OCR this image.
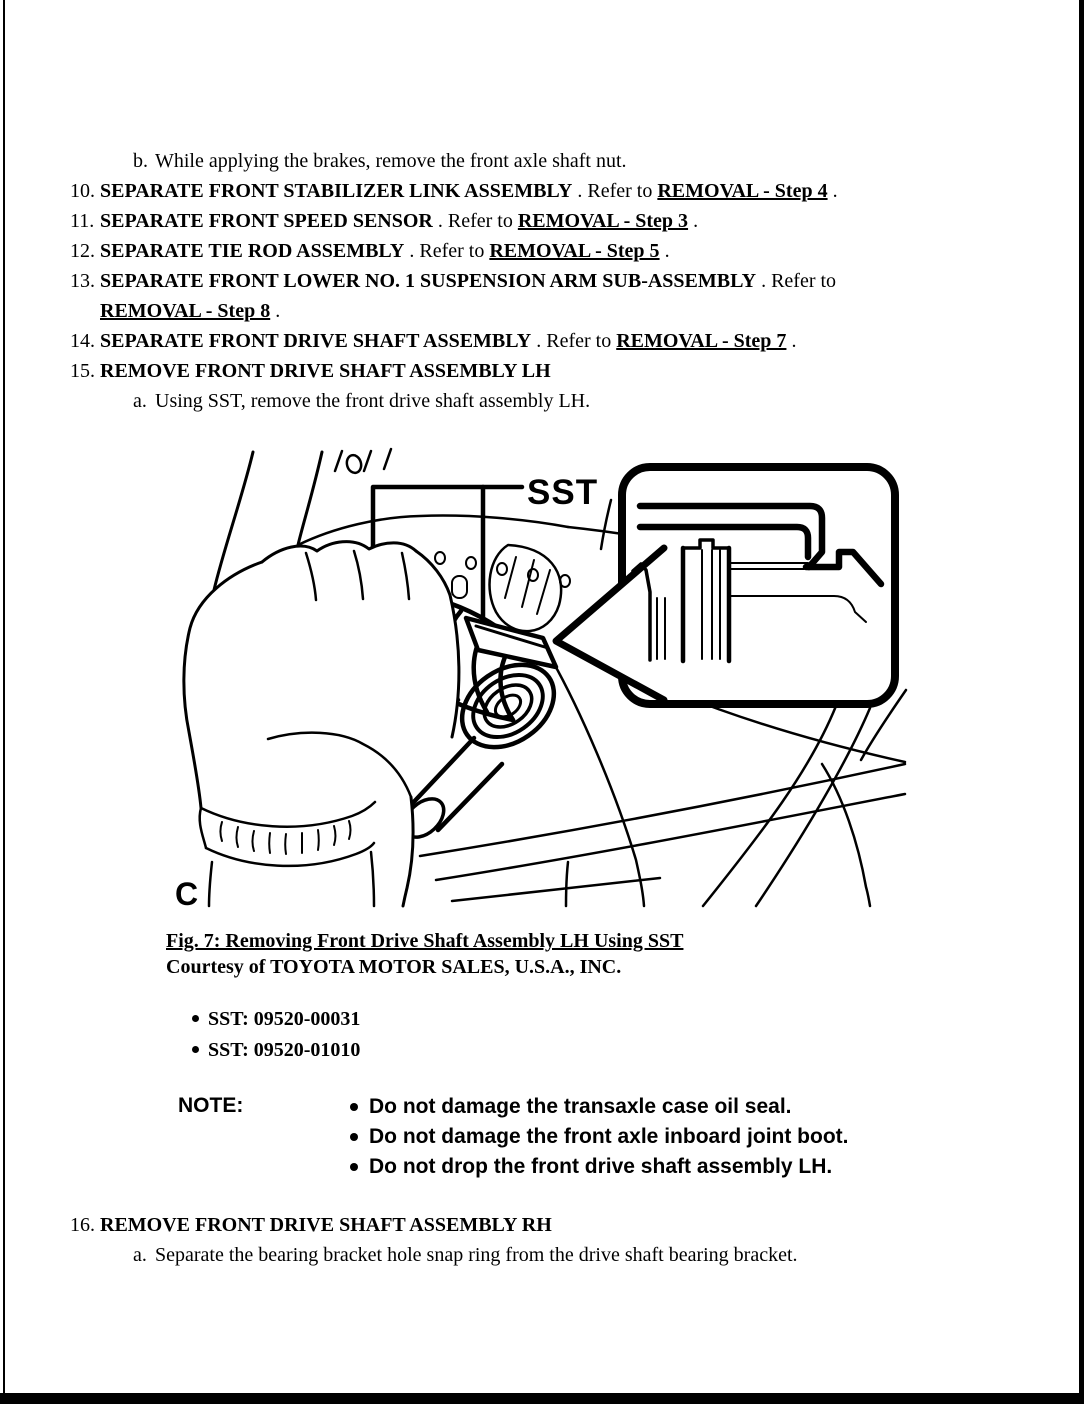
b. While applying the brakes, remove the front axle shaft nut.
10. SEPARATE FRONT STABILIZER LINK ASSEMBLY . Refer to REMOVAL - Step 4 .
11. SEPARATE FRONT SPEED SENSOR . Refer to REMOVAL - Step 3 .
12. SEPARATE TIE ROD ASSEMBLY . Refer to REMOVAL - Step 5 .
13. SEPARATE FRONT LOWER NO. 1 SUSPENSION ARM SUB-ASSEMBLY . Refer to
REMOVAL - Step 8 .
14. SEPARATE FRONT DRIVE SHAFT ASSEMBLY . Refer to REMOVAL - Step 7 .
15. REMOVE FRONT DRIVE SHAFT ASSEMBLY LH
a. Using SST, remove the front drive shaft assembly LH.
SST
C
Fig. 7: Removing Front Drive Shaft Assembly LH Using SST
Courtesy of TOYOTA MOTOR SALES, U.S.A., INC.
SST: 09520-00031
SST: 09520-01010
NOTE:	Do not damage the transaxle case oil seal.
Do not damage the front axle inboard joint boot.
Do not drop the front drive shaft assembly LH.
16. REMOVE FRONT DRIVE SHAFT ASSEMBLY RH
a. Separate the bearing bracket hole snap ring from the drive shaft bearing bracket.
